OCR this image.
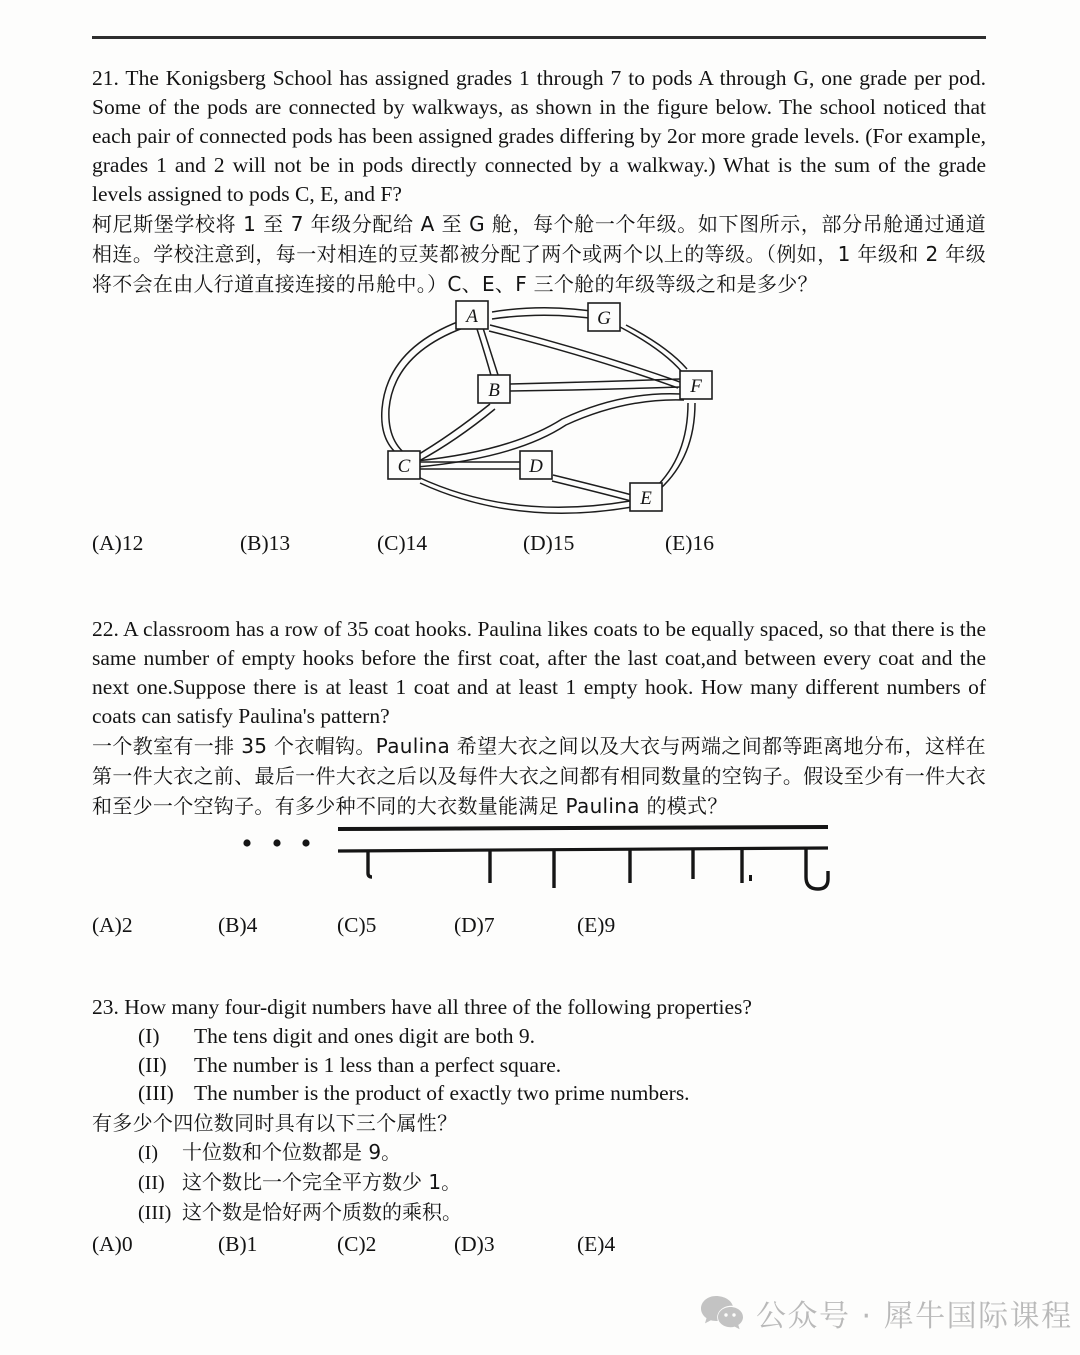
21. The Konigsberg School has assigned grades 1 through 7 to pods A through G, one grade per pod. Some of the pods are connected by walkways, as shown in the figure below. The school noticed that each pair of connected pods has been assigned grades differing by 2or more grade levels. (For example, grades 1 and 2 will not be in pods directly connected by a walkway.) What is the sum of the grade levels assigned to pods C, E, and F?
柯尼斯堡学校将 1 至 7 年级分配给 A 至 G 舱，每个舱一个年级。如下图所示，部分吊舱通过通道相连。学校注意到，每一对相连的豆荚都被分配了两个或两个以上的等级。（例如，1 年级和 2 年级将不会在由人行道直接连接的吊舱中。）C、E、F 三个舱的年级等级之和是多少？
A	G
B	F
C	D
E
(A)12	(B)13	(C)14	(D)15	(E)16
22. A classroom has a row of 35 coat hooks. Paulina likes coats to be equally spaced, so that there is the same number of empty hooks before the first coat, after the last coat,and between every coat and the next one.Suppose there is at least 1 coat and at least 1 empty hook. How many different numbers of coats can satisfy Paulina's pattern?
一个教室有一排 35 个衣帽钩。Paulina 希望大衣之间以及大衣与两端之间都等距离地分布，这样在第一件大衣之前、最后一件大衣之后以及每件大衣之间都有相同数量的空钩子。假设至少有一件大衣和至少一个空钩子。有多少种不同的大衣数量能满足 Paulina 的模式？
(A)2	(B)4	(C)5	(D)7	(E)9
23. How many four-digit numbers have all three of the following properties?
(I)	The tens digit and ones digit are both 9.
(II)	The number is 1 less than a perfect square.
(III) The number is the product of exactly two prime numbers.
有多少个四位数同时具有以下三个属性？
(I) 十位数和个位数都是 9。
(II) 这个数比一个完全平方数少 1。
(III) 这个数是恰好两个质数的乘积。
(A)0	(B)1	(C)2	(D)3	(E)4
公众号 · 犀牛国际课程
